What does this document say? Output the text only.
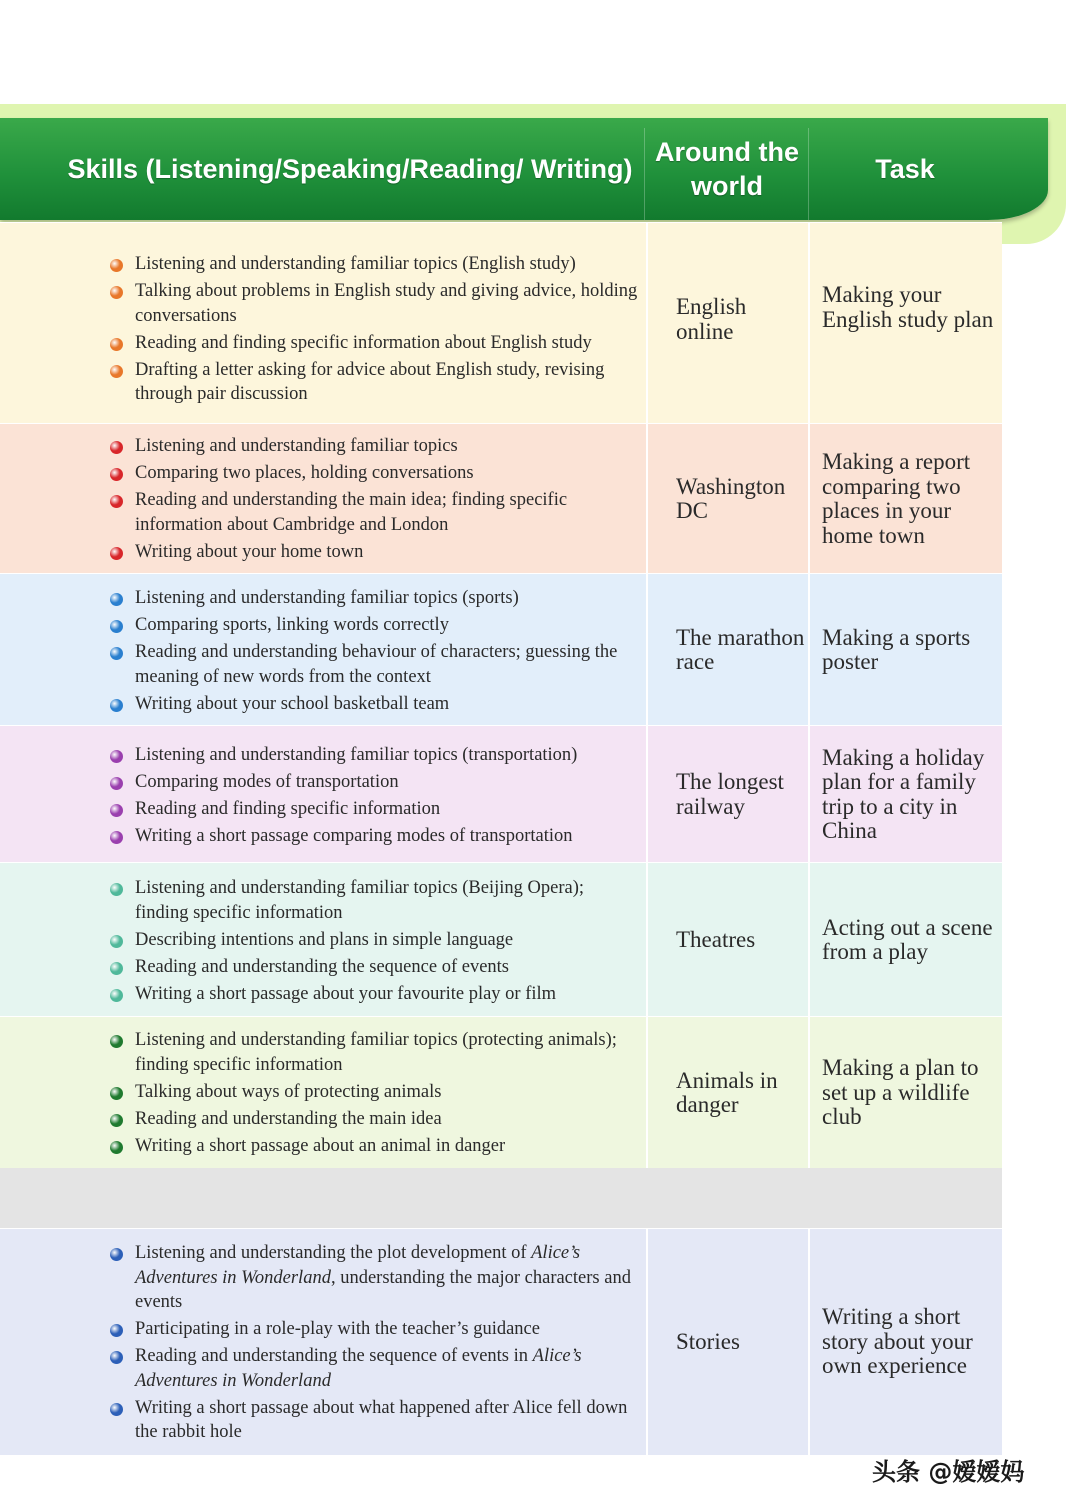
Skills (Listening/Speaking/Reading/ Writing)
Around the world
Task
Listening and understanding familiar topics (English study)
Talking about problems in English study and giving advice, holding conversations
Reading and finding specific information about English study
Drafting a letter asking for advice about English study, revising through pair discussion
English online
Making your English study plan
Listening and understanding familiar topics
Comparing two places, holding conversations
Reading and understanding the main idea; finding specific information about Cambridge and London
Writing about your home town
Washington DC
Making a report comparing two places in your home town
Listening and understanding familiar topics (sports)
Comparing sports, linking words correctly
Reading and understanding behaviour of characters; guessing the meaning of new words from the context
Writing about your school basketball team
The marathon race
Making a sports poster
Listening and understanding familiar topics (transportation)
Comparing modes of transportation
Reading and finding specific information
Writing a short passage comparing modes of transportation
The longest railway
Making a holiday plan for a family trip to a city in China
Listening and understanding familiar topics (Beijing Opera); finding specific information
Describing intentions and plans in simple language
Reading and understanding the sequence of events
Writing a short passage about your favourite play or film
Theatres	Acting out a scene from a play
Listening and understanding familiar topics (protecting animals); finding specific information
Talking about ways of protecting animals
Reading and understanding the main idea
Writing a short passage about an animal in danger
Animals in danger
Making a plan to set up a wildlife club
Listening and understanding the plot development of Alice’s Adventures in Wonderland, understanding the major characters and events
Participating in a role-play with the teacher’s guidance
Reading and understanding the sequence of events in Alice’s Adventures in Wonderland
Writing a short passage about what happened after Alice fell down the rabbit hole
Stories
Writing a short story about your own experience
头条 @嫒嫒妈
